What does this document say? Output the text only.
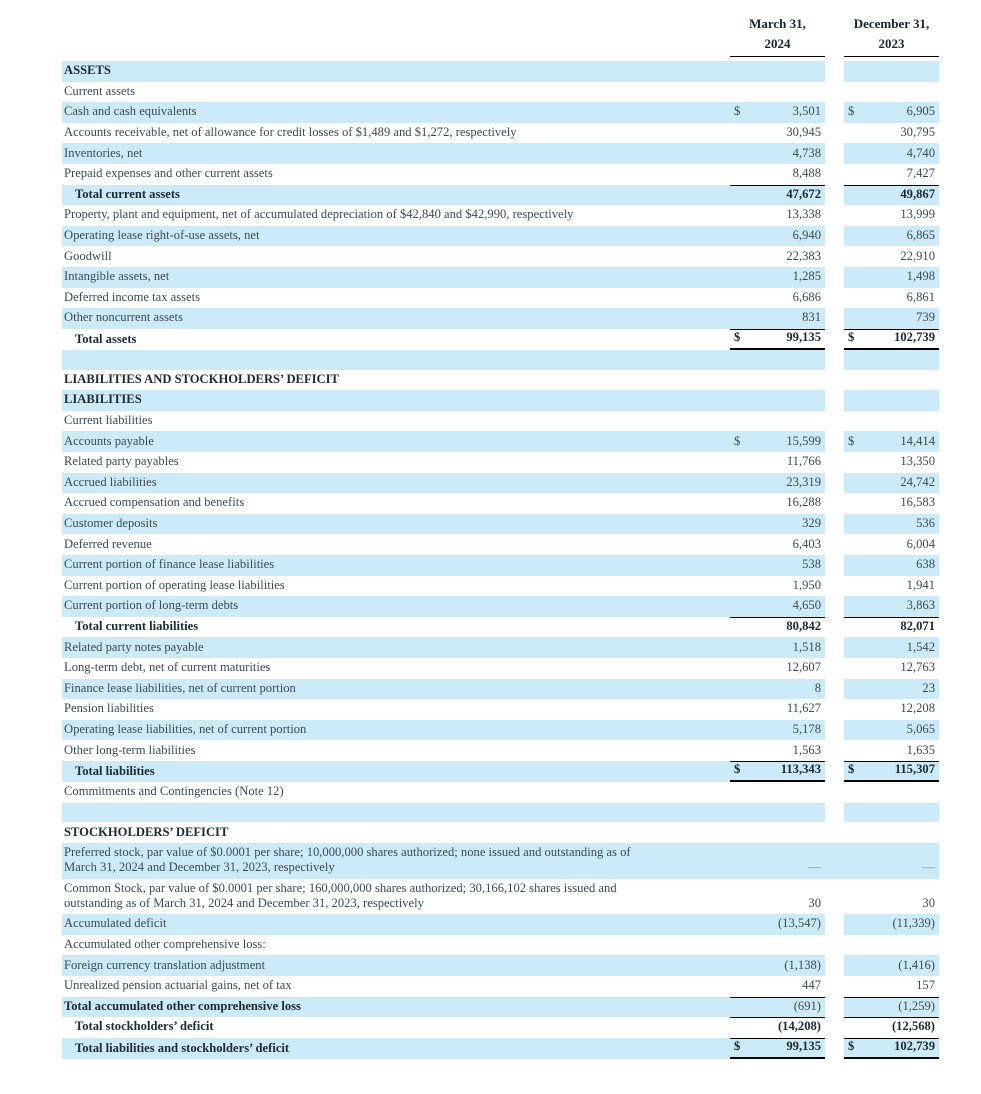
March 31,
2024
December 31,
2023
ASSETS
Current assets
Cash and cash equivalents	$	3,501 $	6,905
Accounts receivable, net of allowance for credit losses of $1,489 and $1,272, respectively	30,945	30,795
Inventories, net	4,738	4,740
Prepaid expenses and other current assets	8,488	7,427
Total current assets	47,672	49,867
Property, plant and equipment, net of accumulated depreciation of $42,840 and $42,990, respectively	13,338	13,999
Operating lease right-of-use assets, net	6,940	6,865
Goodwill	22,383	22,910
Intangible assets, net	1,285	1,498
Deferred income tax assets	6,686	6,861
Other noncurrent assets	831	739
Total assets	$	99,135 $	102,739
LIABILITIES AND STOCKHOLDERS’ DEFICIT
LIABILITIES
Current liabilities
Accounts payable	$	15,599 $	14,414
Related party payables	11,766	13,350
Accrued liabilities	23,319	24,742
Accrued compensation and benefits	16,288	16,583
Customer deposits	329	536
Deferred revenue	6,403	6,004
Current portion of finance lease liabilities	538	638
Current portion of operating lease liabilities	1,950	1,941
Current portion of long-term debts	4,650	3,863
Total current liabilities	80,842	82,071
Related party notes payable	1,518	1,542
Long-term debt, net of current maturities	12,607	12,763
Finance lease liabilities, net of current portion	8	23
Pension liabilities	11,627	12,208
Operating lease liabilities, net of current portion	5,178	5,065
Other long-term liabilities	1,563	1,635
Total liabilities	$	113,343 $	115,307
Commitments and Contingencies (Note 12)
STOCKHOLDERS’ DEFICIT
Preferred stock, par value of $0.0001 per share; 10,000,000 shares authorized; none issued and outstanding as of
March 31, 2024 and December 31, 2023, respectively	—	—
Common Stock, par value of $0.0001 per share; 160,000,000 shares authorized; 30,166,102 shares issued and
outstanding as of March 31, 2024 and December 31, 2023, respectively	30	30
Accumulated deficit	(13,547)	(11,339)
Accumulated other comprehensive loss:
Foreign currency translation adjustment	(1,138)	(1,416)
Unrealized pension actuarial gains, net of tax	447	157
Total accumulated other comprehensive loss	(691)	(1,259)
Total stockholders’ deficit	(14,208)	(12,568)
Total liabilities and stockholders’ deficit	$	99,135 $	102,739
